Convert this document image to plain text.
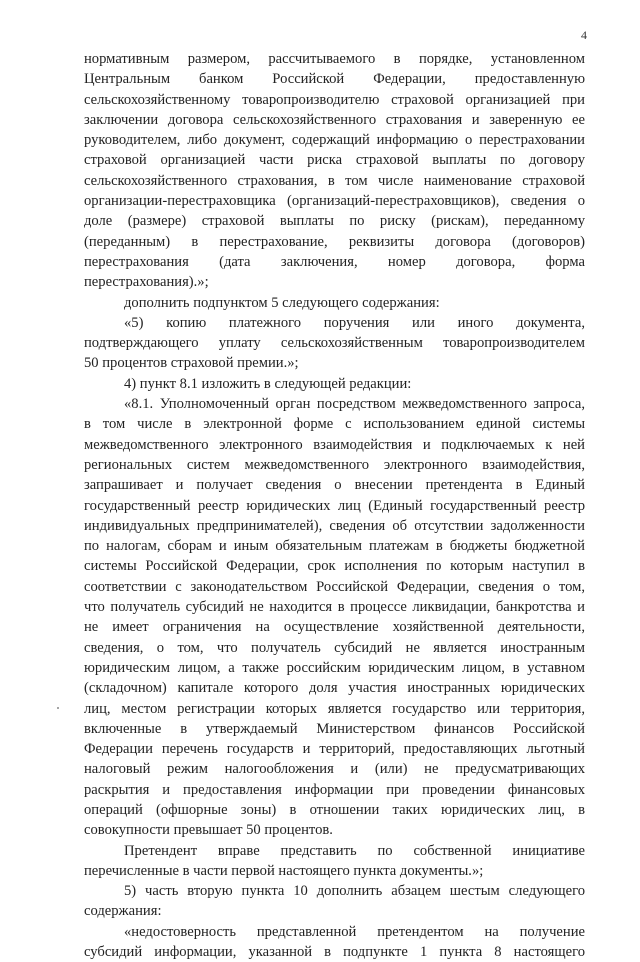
4
нормативным размером, рассчитываемого в порядке, установленном
Центральным банком Российской Федерации, предоставленную
сельскохозяйственному товаропроизводителю страховой организацией при
заключении договора сельскохозяйственного страхования и заверенную ее
руководителем, либо документ, содержащий информацию о перестраховании
страховой организацией части риска страховой выплаты по договору
сельскохозяйственного страхования, в том числе наименование страховой
организации-перестраховщика (организаций-перестраховщиков), сведения о
доле (размере) страховой выплаты по риску (рискам), переданному
(переданным) в перестрахование, реквизиты договора (договоров)
перестрахования (дата заключения, номер договора, форма
перестрахования).»;
дополнить подпунктом 5 следующего содержания:
«5) копию платежного поручения или иного документа,
подтверждающего уплату сельскохозяйственным товаропроизводителем
50 процентов страховой премии.»;
4) пункт 8.1 изложить в следующей редакции:
«8.1. Уполномоченный орган посредством межведомственного запроса,
в том числе в электронной форме с использованием единой системы
межведомственного электронного взаимодействия и подключаемых к ней
региональных систем межведомственного электронного взаимодействия,
запрашивает и получает сведения о внесении претендента в Единый
государственный реестр юридических лиц (Единый государственный реестр
индивидуальных предпринимателей), сведения об отсутствии задолженности
по налогам, сборам и иным обязательным платежам в бюджеты бюджетной
системы Российской Федерации, срок исполнения по которым наступил в
соответствии с законодательством Российской Федерации, сведения о том,
что получатель субсидий не находится в процессе ликвидации, банкротства и
не имеет ограничения на осуществление хозяйственной деятельности,
сведения, о том, что получатель субсидий не является иностранным
юридическим лицом, а также российским юридическим лицом, в уставном
(складочном) капитале которого доля участия иностранных юридических
лиц, местом регистрации которых является государство или территория,
включенные в утверждаемый Министерством финансов Российской
Федерации перечень государств и территорий, предоставляющих льготный
налоговый режим налогообложения и (или) не предусматривающих
раскрытия и предоставления информации при проведении финансовых
операций (офшорные зоны) в отношении таких юридических лиц, в
совокупности превышает 50 процентов.
Претендент вправе представить по собственной инициативе
перечисленные в части первой настоящего пункта документы.»;
5) часть вторую пункта 10 дополнить абзацем шестым следующего
содержания:
«недостоверность представленной претендентом на получение
субсидий информации, указанной в подпункте 1 пункта 8 настоящего
